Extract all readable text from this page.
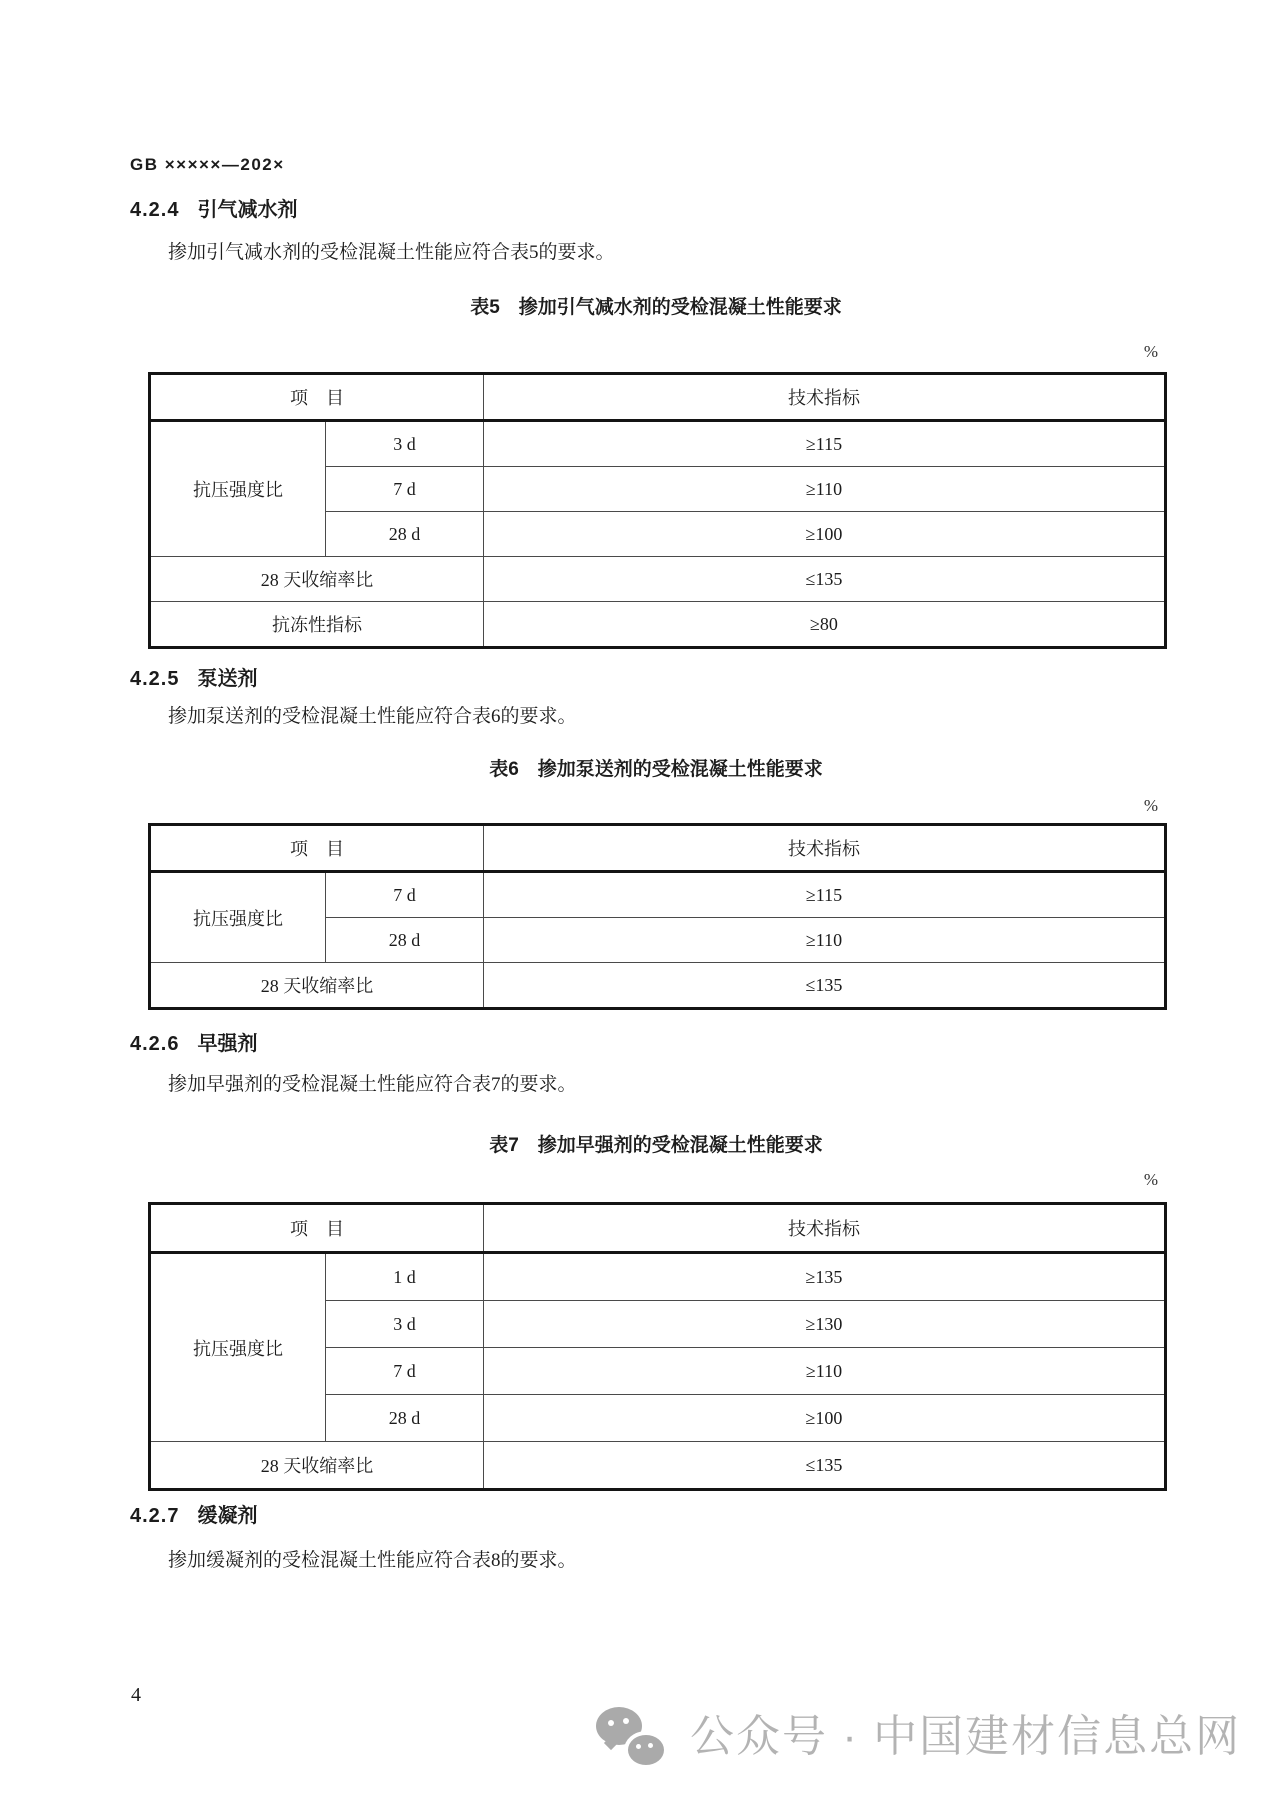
GB ×××××—202×
4.2.4 引气减水剂
掺加引气减水剂的受检混凝土性能应符合表5的要求。
表5　掺加引气减水剂的受检混凝土性能要求
%
项　目		技术指标
抗压强度比	3 d	≥115
	7 d	≥110
	28 d	≥100
28 天收缩率比		≤135
抗冻性指标		≥80
4.2.5 泵送剂
掺加泵送剂的受检混凝土性能应符合表6的要求。
表6　掺加泵送剂的受检混凝土性能要求
%
项　目		技术指标
抗压强度比	7 d	≥115
	28 d	≥110
28 天收缩率比		≤135
4.2.6 早强剂
掺加早强剂的受检混凝土性能应符合表7的要求。
表7　掺加早强剂的受检混凝土性能要求
%
项　目		技术指标
抗压强度比	1 d	≥135
	3 d	≥130
	7 d	≥110
	28 d	≥100
28 天收缩率比		≤135
4.2.7 缓凝剂
掺加缓凝剂的受检混凝土性能应符合表8的要求。
4
公众号 · 中国建材信息总网
